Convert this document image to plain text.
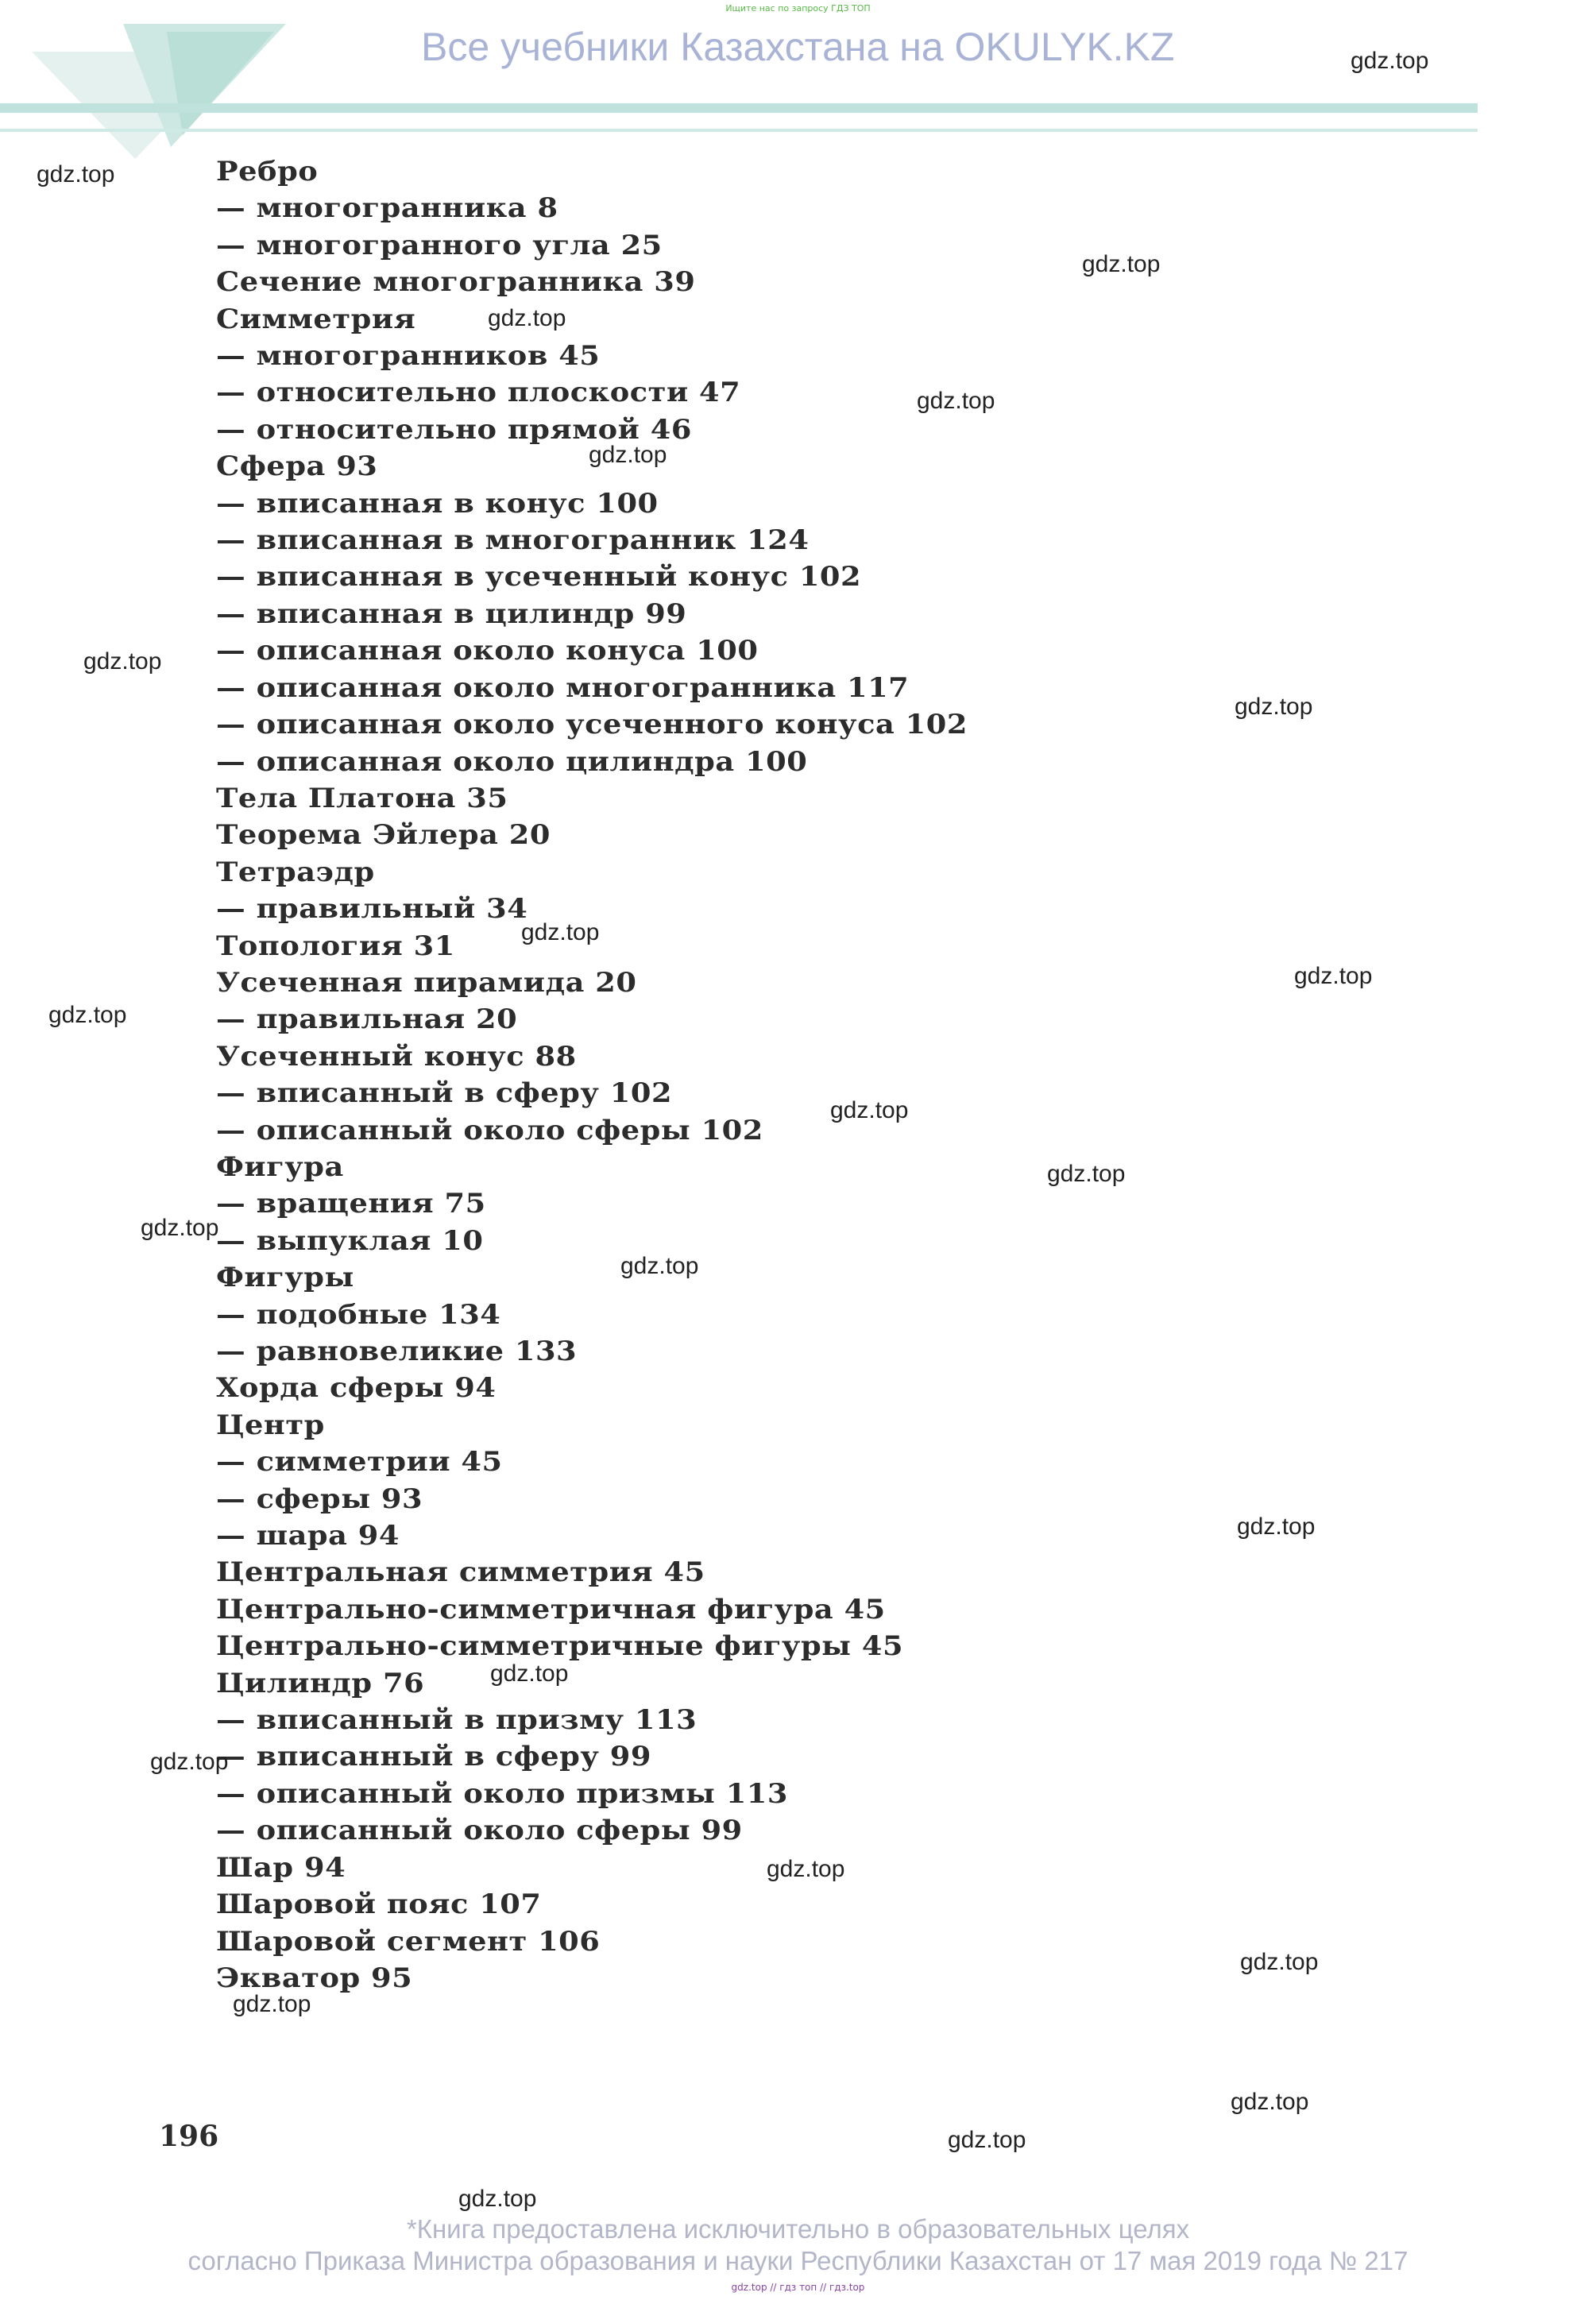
Ищите нас по запросу ГДЗ ТОП
Все учебники Казахстана на OKULYK.KZ
Ребро
— многогранника 8
— многогранного угла 25
Сечение многогранника 39
Симметрия
— многогранников 45
— относительно плоскости 47
— относительно прямой 46
Сфера 93
— вписанная в конус 100
— вписанная в многогранник 124
— вписанная в усеченный конус 102
— вписанная в цилиндр 99
— описанная около конуса 100
— описанная около многогранника 117
— описанная около усеченного конуса 102
— описанная около цилиндра 100
Тела Платона 35
Теорема Эйлера 20
Тетраэдр
— правильный 34
Топология 31
Усеченная пирамида 20
— правильная 20
Усеченный конус 88
— вписанный в сферу 102
— описанный около сферы 102
Фигура
— вращения 75
— выпуклая 10
Фигуры
— подобные 134
— равновеликие 133
Хорда сферы 94
Центр
— симметрии 45
— сферы 93
— шара 94
Центральная симметрия 45
Центрально-симметричная фигура 45
Центрально-симметричные фигуры 45
Цилиндр 76
— вписанный в призму 113
— вписанный в сферу 99
— описанный около призмы 113
— описанный около сферы 99
Шар 94
Шаровой пояс 107
Шаровой сегмент 106
Экватор 95
196
gdz.top
gdz.top
gdz.top
gdz.top
gdz.top
gdz.top
gdz.top
gdz.top
gdz.top
gdz.top
gdz.top
gdz.top
gdz.top
gdz.top
gdz.top
gdz.top
gdz.top
gdz.top
gdz.top
gdz.top
gdz.top
gdz.top
gdz.top
gdz.top
*Книга предоставлена исключительно в образовательных целях
согласно Приказа Министра образования и науки Республики Казахстан от 17 мая 2019 года № 217
gdz.top // гдз топ // гдз.top
